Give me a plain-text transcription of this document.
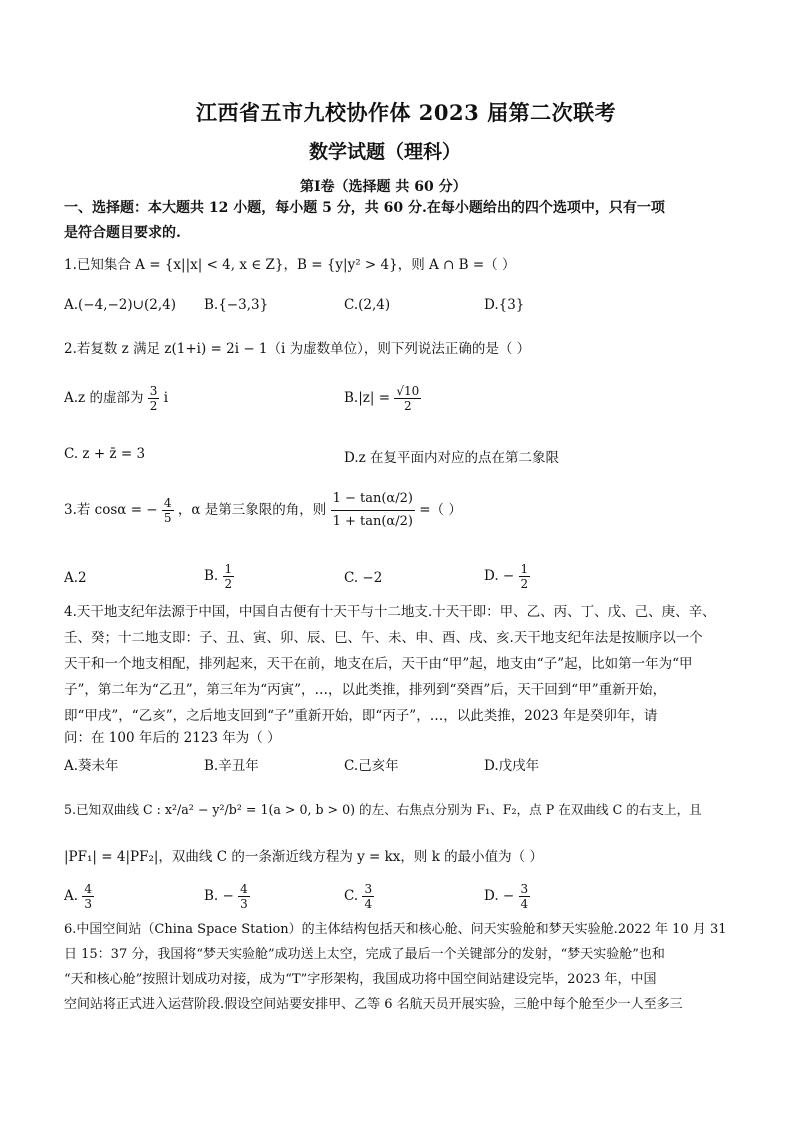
江西省五市九校协作体 2023 届第二次联考
数学试题（理科）
第Ⅰ卷（选择题 共 60 分）
一、选择题：本大题共 12 小题，每小题 5 分，共 60 分.在每小题给出的四个选项中，只有一项
是符合题目要求的.
1.已知集合 A = {x||x| < 4, x ∈ Z}，B = {y|y² > 4}，则 A ∩ B =（ ）
A.(−4,−2)∪(2,4) B.{−3,3}	C.(2,4)	D.{3}
2.若复数 z 满足 z(1+i) = 2i − 1（i 为虚数单位），则下列说法正确的是（ ）
A.z 的虚部为 $\frac{3}{2}$ i	$B.|z| = \frac{√10}{2}$
C. z + z̄ = 3	D.z 在复平面内对应的点在第二象限
3.若 cosα = − $\frac{4}{5}$ ，α 是第三象限的角，则 $\frac{1 - \tan(\alpha/2)}{1 + \tan(\alpha/2)}$ =（ ）
A.2	B. $\frac{1}{2}$	C. −2	D. − $\frac{1}{2}$
4.天干地支纪年法源于中国，中国自古便有十天干与十二地支.十天干即：甲、乙、丙、丁、戊、己、庚、辛、
壬、癸；十二地支即：子、丑、寅、卯、辰、巳、午、未、申、酉、戌、亥.天干地支纪年法是按顺序以一个
天干和一个地支相配，排列起来，天干在前，地支在后，天干由“甲”起，地支由“子”起，比如第一年为“甲
子”，第二年为“乙丑”，第三年为“丙寅”，…，以此类推，排列到“癸酉”后，天干回到“甲”重新开始，
即“甲戌”，“乙亥”，之后地支回到“子”重新开始，即“丙子”，…，以此类推，2023 年是癸卯年，请
问：在 100 年后的 2123 年为（ ）
A.葵未年	B.辛丑年	C.己亥年	D.戊戌年
5.已知双曲线 C : x²/a² − y²/b² = 1(a > 0, b > 0) 的左、右焦点分别为 F₁、F₂，点 P 在双曲线 C 的右支上，且
|PF₁| = 4|PF₂|，双曲线 C 的一条渐近线方程为 y = kx，则 k 的最小值为（ ）
A. $\frac{4}{3}$	B. − $\frac{4}{3}$	C. $\frac{3}{4}$	D. − $\frac{3}{4}$
6.中国空间站（China Space Station）的主体结构包括天和核心舱、问天实验舱和梦天实验舱.2022 年 10 月 31
日 15：37 分，我国将“梦天实验舱”成功送上太空，完成了最后一个关键部分的发射，“梦天实验舱”也和
“天和核心舱”按照计划成功对接，成为“T”字形架构，我国成功将中国空间站建设完毕，2023 年，中国
空间站将正式进入运营阶段.假设空间站要安排甲、乙等 6 名航天员开展实验，三舱中每个舱至少一人至多三
